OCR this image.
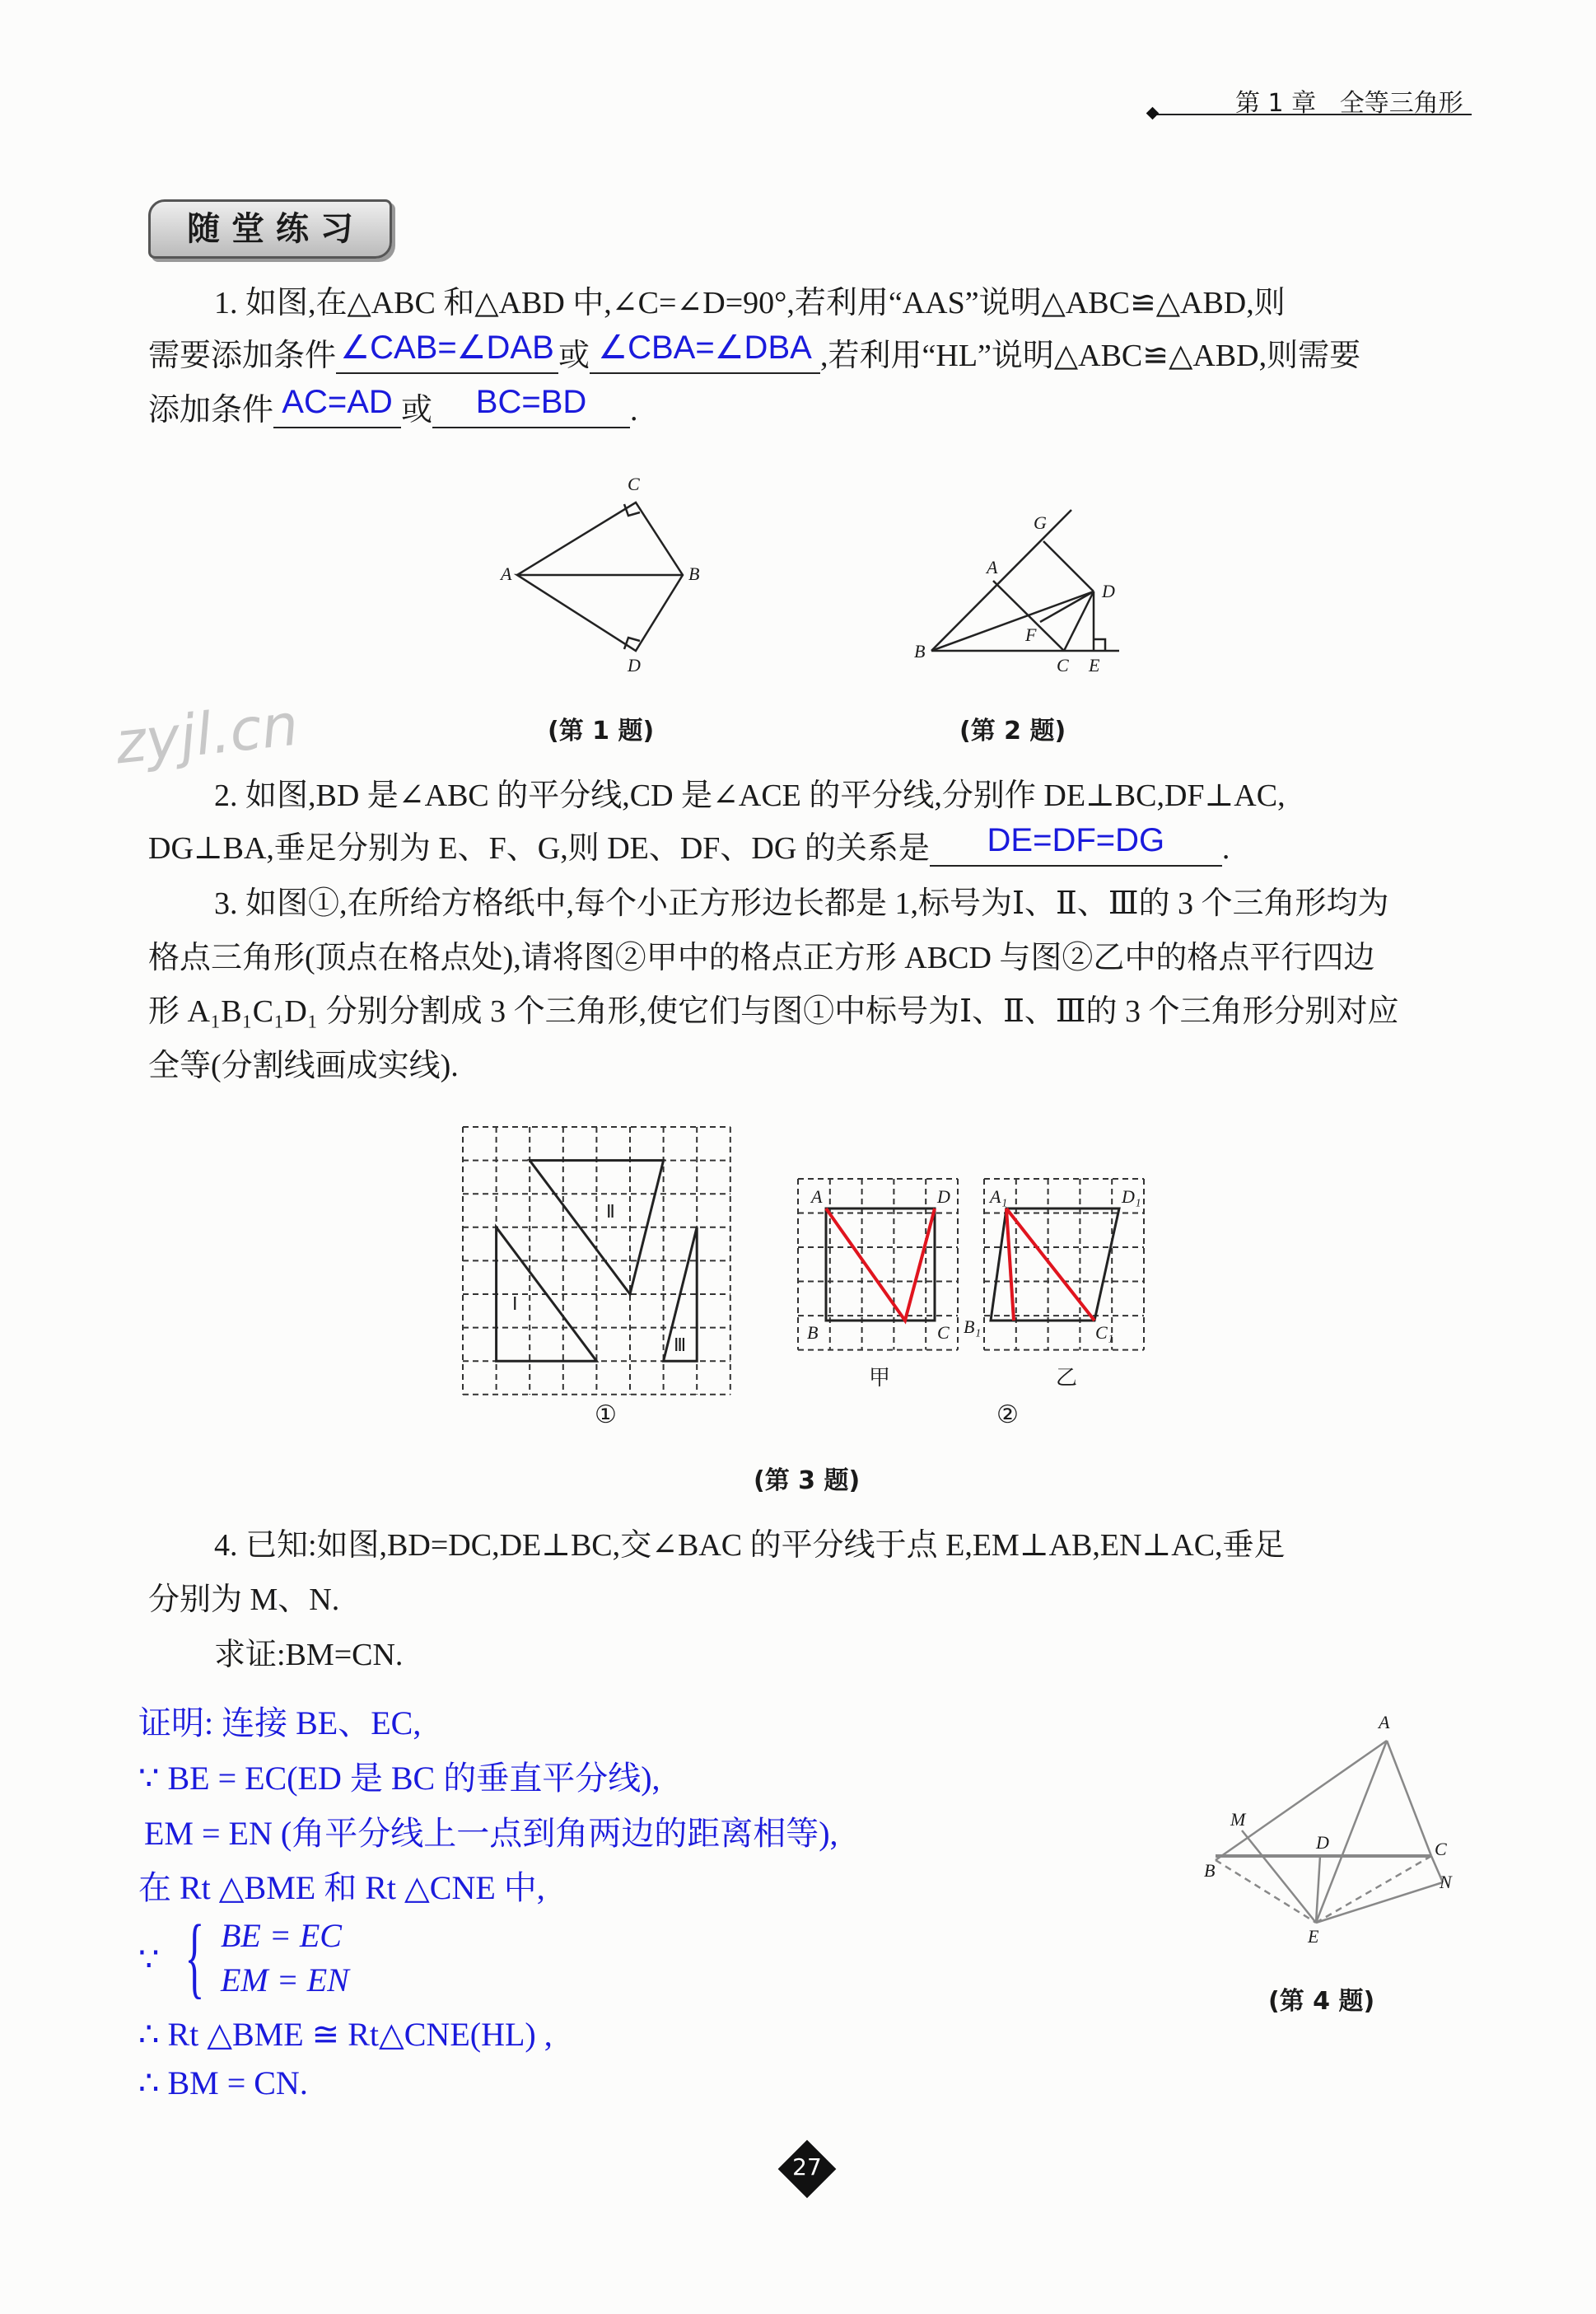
第 1 章 全等三角形
随 堂 练 习
1. 如图,在△ABC 和△ABD 中,∠C=∠D=90°,若利用“AAS”说明△ABC≌△ABD,则
需要添加条件 ∠CAB=∠DAB 或 ∠CBA=∠DBA ,若利用“HL”说明△ABC≌△ABD,则需要
添加条件 AC=AD 或	BC=BD	.
A	B
C
D
(第 1 题)
A
B
C
D
E
F
G
(第 2 题)
zyjl.cn
2. 如图,BD 是∠ABC 的平分线,CD 是∠ACE 的平分线,分别作 DE⊥BC,DF⊥AC,
DG⊥BA,垂足分别为 E、F、G,则 DE、DF、DG 的关系是	DE=DF=DG	.
3. 如图①,在所给方格纸中,每个小正方形边长都是 1,标号为Ⅰ、Ⅱ、Ⅲ的 3 个三角形均为
格点三角形(顶点在格点处),请将图②甲中的格点正方形 ABCD 与图②乙中的格点平行四边
形 A₁B₁C₁D₁ 分别分割成 3 个三角形,使它们与图①中标号为Ⅰ、Ⅱ、Ⅲ的 3 个三角形分别对应
全等(分割线画成实线).
Ⅰ
Ⅱ
Ⅲ
A
B	C
D A₁
B₁	C₁
D₁
甲	乙
①	②
(第 3 题)
4. 已知:如图,BD=DC,DE⊥BC,交∠BAC 的平分线于点 E,EM⊥AB,EN⊥AC,垂足
分别为 M、N.
求证:BM=CN.
证明: 连接 BE、EC,
∵ BE = EC(ED 是 BC 的垂直平分线),
EM = EN (角平分线上一点到角两边的距离相等),
在 Rt △BME 和 Rt △CNE 中,
∵ { BE = EC
EM = EN
∴ Rt △BME ≅ Rt△CNE(HL) ,
∴ BM = CN.
A
B
C
D
E
M
N
(第 4 题)
27
